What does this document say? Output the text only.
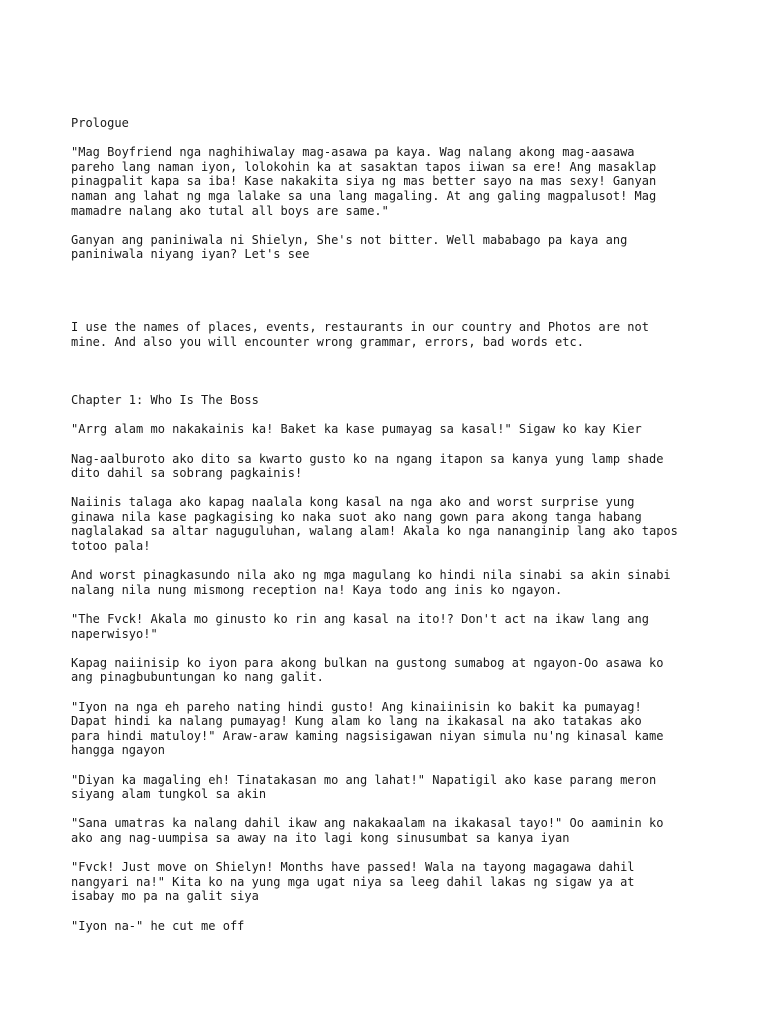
Prologue

"Mag Boyfriend nga naghihiwalay mag-asawa pa kaya. Wag nalang akong mag-aasawa
pareho lang naman iyon, lolokohin ka at sasaktan tapos iiwan sa ere! Ang masaklap
pinagpalit kapa sa iba! Kase nakakita siya ng mas better sayo na mas sexy! Ganyan
naman ang lahat ng mga lalake sa una lang magaling. At ang galing magpalusot! Mag
mamadre nalang ako tutal all boys are same."

Ganyan ang paniniwala ni Shielyn, She's not bitter. Well mababago pa kaya ang
paniniwala niyang iyan? Let's see

I use the names of places, events, restaurants in our country and Photos are not
mine. And also you will encounter wrong grammar, errors, bad words etc.

Chapter 1: Who Is The Boss

"Arrg alam mo nakakainis ka! Baket ka kase pumayag sa kasal!" Sigaw ko kay Kier

Nag-aalburoto ako dito sa kwarto gusto ko na ngang itapon sa kanya yung lamp shade
dito dahil sa sobrang pagkainis!

Naiinis talaga ako kapag naalala kong kasal na nga ako and worst surprise yung
ginawa nila kase pagkagising ko naka suot ako nang gown para akong tanga habang
naglalakad sa altar naguguluhan, walang alam! Akala ko nga nananginip lang ako tapos
totoo pala!

And worst pinagkasundo nila ako ng mga magulang ko hindi nila sinabi sa akin sinabi
nalang nila nung mismong reception na! Kaya todo ang inis ko ngayon.

"The Fvck! Akala mo ginusto ko rin ang kasal na ito!? Don't act na ikaw lang ang
naperwisyo!"

Kapag naiinisip ko iyon para akong bulkan na gustong sumabog at ngayon-Oo asawa ko
ang pinagbubuntungan ko nang galit.

"Iyon na nga eh pareho nating hindi gusto! Ang kinaiinisin ko bakit ka pumayag!
Dapat hindi ka nalang pumayag! Kung alam ko lang na ikakasal na ako tatakas ako
para hindi matuloy!" Araw-araw kaming nagsisigawan niyan simula nu'ng kinasal kame
hangga ngayon

"Diyan ka magaling eh! Tinatakasan mo ang lahat!" Napatigil ako kase parang meron
siyang alam tungkol sa akin

"Sana umatras ka nalang dahil ikaw ang nakakaalam na ikakasal tayo!" Oo aaminin ko
ako ang nag-uumpisa sa away na ito lagi kong sinusumbat sa kanya iyan

"Fvck! Just move on Shielyn! Months have passed! Wala na tayong magagawa dahil
nangyari na!" Kita ko na yung mga ugat niya sa leeg dahil lakas ng sigaw ya at
isabay mo pa na galit siya

"Iyon na-" he cut me off
